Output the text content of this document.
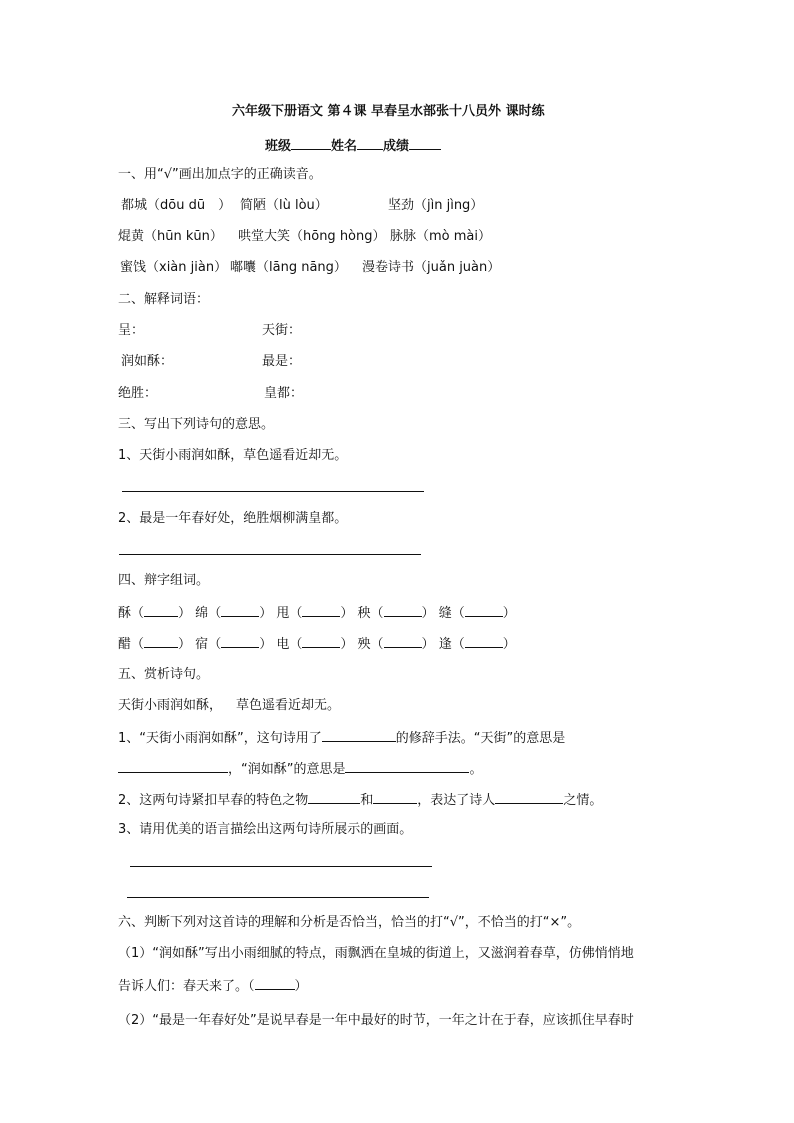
六年级下册语文 第４课 早春呈水部张十八员外 课时练
班级	姓名 成绩
一、用“√”画出加点字的正确读音。
都城（dōu dū　） 简陋（lù lòu）	坚劲（jìn jìng）
焜黄（hūn kūn） 哄堂大笑（hōng hòng） 脉脉（mò mài）
蜜饯（xiàn jiàn） 嘟囔（lāng nāng） 漫卷诗书（juǎn juàn）
二、解释词语：
呈：	天街：
润如酥：	最是：
绝胜：	皇都：
三、写出下列诗句的意思。
1、天街小雨润如酥，草色遥看近却无。
2、最是一年春好处，绝胜烟柳满皇都。
四、辩字组词。
酥（	） 绵（	） 甩（	） 秧（	） 缝（	）
醋（	） 宿（	） 电（	） 殃（	） 逢（	）
五、赏析诗句。
天街小雨润如酥， 草色遥看近却无。
1、“天街小雨润如酥”，这句诗用了	的修辞手法。“天街”的意思是
，“润如酥”的意思是	。
2、这两句诗紧扣早春的特色之物	和	，表达了诗人	之情。
3、请用优美的语言描绘出这两句诗所展示的画面。
六、判断下列对这首诗的理解和分析是否恰当，恰当的打“√”，不恰当的打“×”。
（1）“润如酥”写出小雨细腻的特点，雨飘洒在皇城的街道上，又滋润着春草，仿佛悄悄地
告诉人们：春天来了。（	）
（2）“最是一年春好处”是说早春是一年中最好的时节，一年之计在于春，应该抓住早春时
